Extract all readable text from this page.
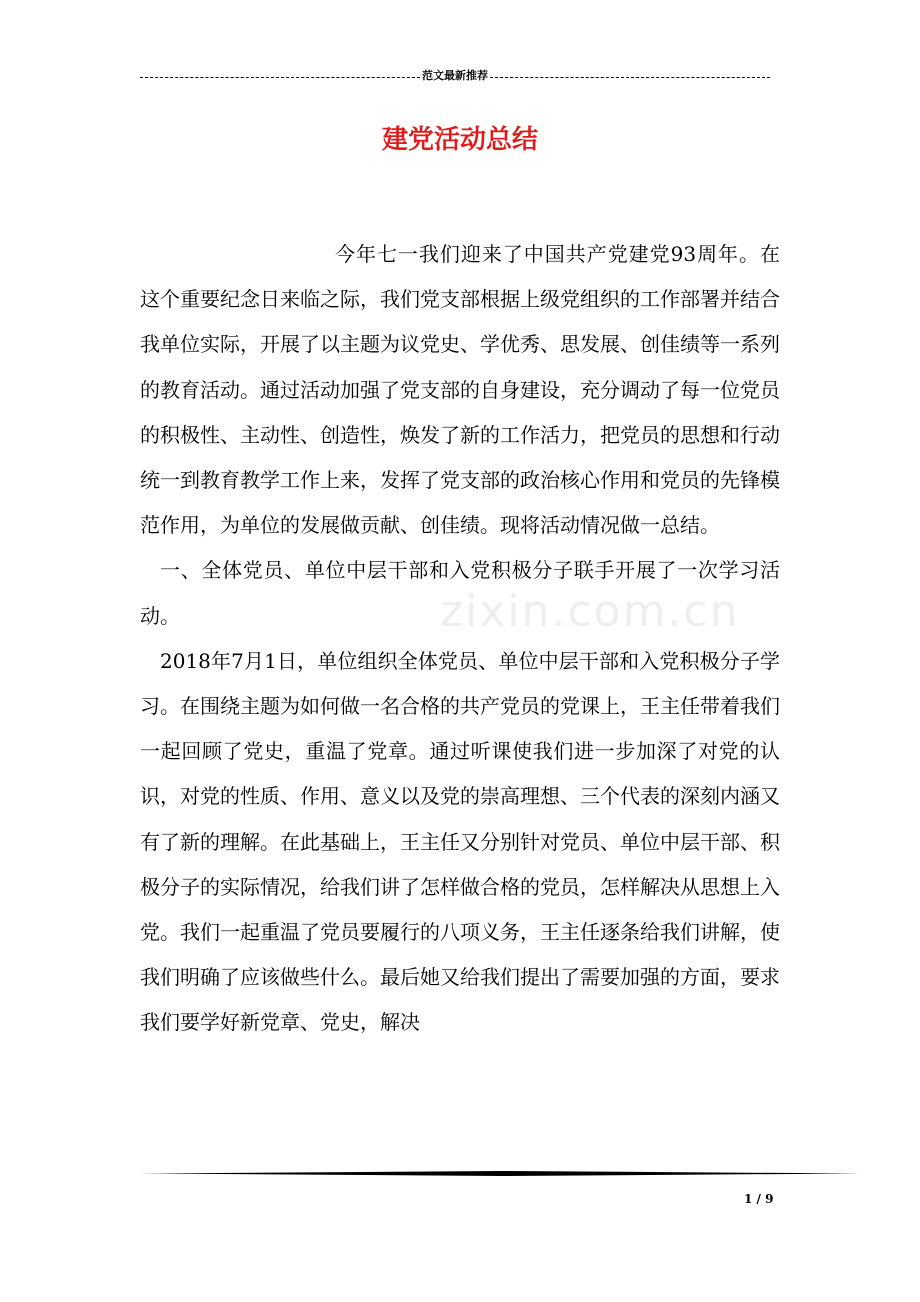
范文最新推荐
建党活动总结
zixin.com.cn

今年七一我们迎来了中国共产党建党93周年。在这个重要纪念日来临之际，我们党支部根据上级党组织的工作部署并结合我单位实际，开展了以主题为议党史、学优秀、思发展、创佳绩等一系列的教育活动。通过活动加强了党支部的自身建设，充分调动了每一位党员的积极性、主动性、创造性，焕发了新的工作活力，把党员的思想和行动统一到教育教学工作上来，发挥了党支部的政治核心作用和党员的先锋模范作用，为单位的发展做贡献、创佳绩。现将活动情况做一总结。

一、全体党员、单位中层干部和入党积极分子联手开展了一次学习活动。

2018年7月1日，单位组织全体党员、单位中层干部和入党积极分子学习。在围绕主题为如何做一名合格的共产党员的党课上，王主任带着我们一起回顾了党史，重温了党章。通过听课使我们进一步加深了对党的认识，对党的性质、作用、意义以及党的崇高理想、三个代表的深刻内涵又有了新的理解。在此基础上，王主任又分别针对党员、单位中层干部、积极分子的实际情况，给我们讲了怎样做合格的党员，怎样解决从思想上入党。我们一起重温了党员要履行的八项义务，王主任逐条给我们讲解，使我们明确了应该做些什么。最后她又给我们提出了需要加强的方面，要求我们要学好新党章、党史，解决

1 / 9
